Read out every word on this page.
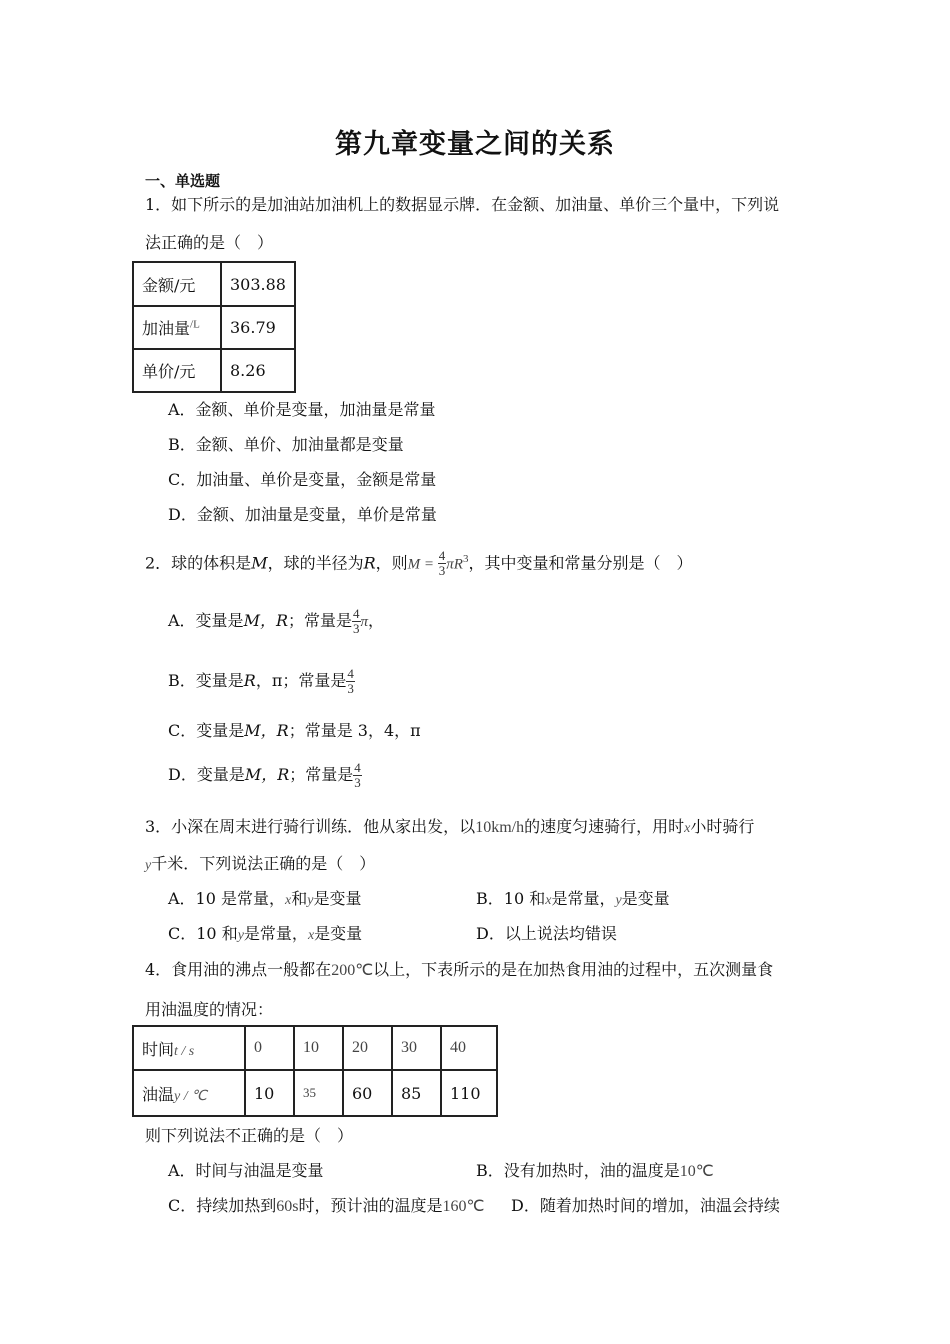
第九章变量之间的关系
一、单选题
1．如下所示的是加油站加油机上的数据显示牌．在金额、加油量、单价三个量中，下列说
法正确的是（　）
金额/元	303.88
加油量$^{/L}$	36.79
单价/元	8.26
A．金额、单价是变量，加油量是常量
B．金额、单价、加油量都是变量
C．加油量、单价是变量，金额是常量
D．金额、加油量是变量，单价是常量
2．球的体积是M，球的半径为R，则$M = \frac{4}{3} \pi R^3$，其中变量和常量分别是（　）
A．变量是M，R；常量是 $\frac{4}{3}$ π，
B．变量是R，π；常量是 $\frac{4}{3}$
C．变量是M，R；常量是 3，4，π
D．变量是M，R；常量是 $\frac{4}{3}$
3．小深在周末进行骑行训练．他从家出发，以10km/h的速度匀速骑行，用时x小时骑行
y千米．下列说法正确的是（　）
A．10 是常量，x和y是变量	B．10 和x是常量，y是变量
C．10 和y是常量，x是变量	D．以上说法均错误
4．食用油的沸点一般都在200℃以上，下表所示的是在加热食用油的过程中，五次测量食
用油温度的情况：
时间t / s	0	10	20	30	40
油温y / ℃	10	35	60	85	110
则下列说法不正确的是（　）
A．时间与油温是变量	B．没有加热时，油的温度是10℃
C．持续加热到60s时，预计油的温度是160℃ D．随着加热时间的增加，油温会持续
